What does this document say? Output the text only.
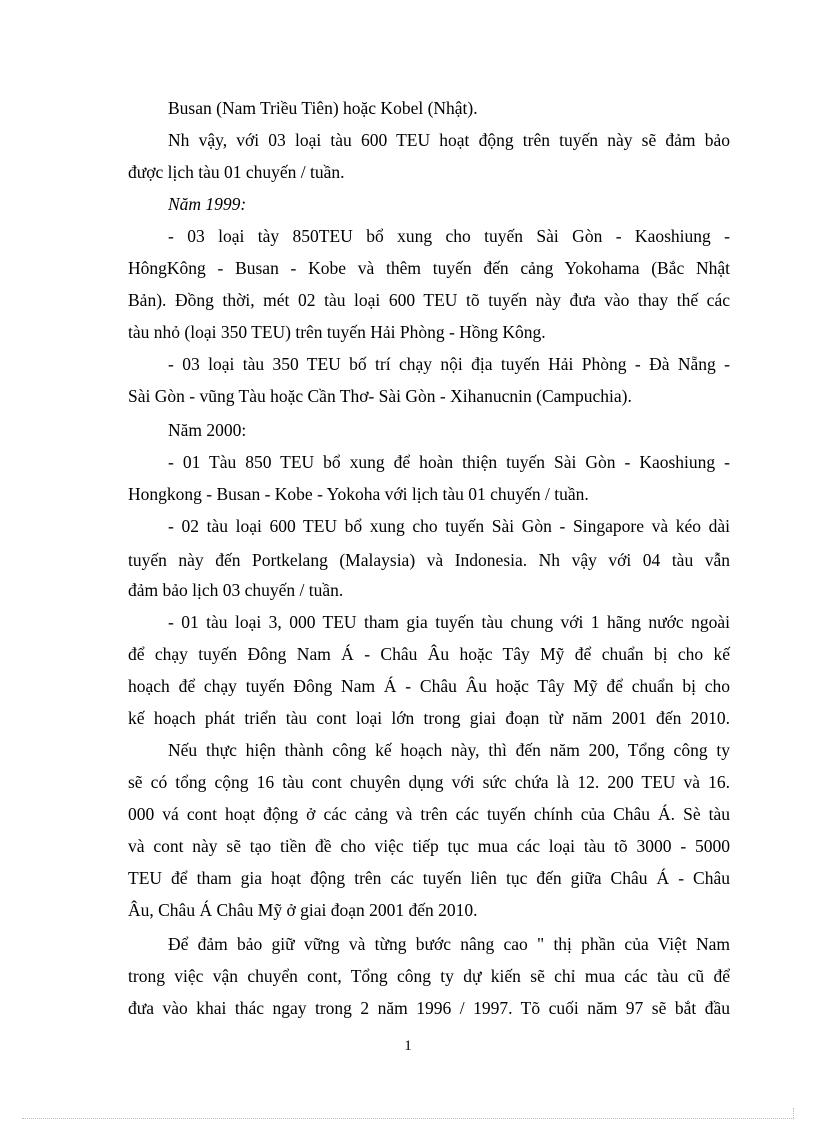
Busan (Nam Triều Tiên) hoặc Kobel (Nhật).
Nh vậy, với 03 loại tàu 600 TEU hoạt động trên tuyến này sẽ đảm bảo
được lịch tàu 01 chuyến / tuần.
Năm 1999:
- 03 loại tày 850TEU bổ xung cho tuyến Sài Gòn - Kaoshiung -
HôngKông - Busan - Kobe và thêm tuyến đến cảng Yokohama (Bắc Nhật
Bản). Đồng thời, mét 02 tàu loại 600 TEU tõ tuyến này đưa vào thay thế các
tàu nhỏ (loại 350 TEU) trên tuyến Hải Phòng - Hồng Kông.
- 03 loại tàu 350 TEU bố trí chạy nội địa tuyến Hải Phòng - Đà Nẵng -
Sài Gòn - vũng Tàu hoặc Cần Thơ- Sài Gòn - Xihanucnin (Campuchia).
Năm 2000:
- 01 Tàu 850 TEU bổ xung để hoàn thiện tuyến Sài Gòn - Kaoshiung -
Hongkong - Busan - Kobe - Yokoha với lịch tàu 01 chuyến / tuần.
- 02 tàu loại 600 TEU bổ xung cho tuyến Sài Gòn - Singapore và kéo dài
tuyến này đến Portkelang (Malaysia) và Indonesia. Nh vậy với 04 tàu vẫn
đảm bảo lịch 03 chuyến / tuần.
- 01 tàu loại 3, 000 TEU tham gia tuyến tàu chung với 1 hãng nước ngoài
để chạy tuyến Đông Nam Á - Châu Âu hoặc Tây Mỹ để chuẩn bị cho kế
hoạch để chạy tuyến Đông Nam Á - Châu Âu hoặc Tây Mỹ để chuẩn bị cho
kế hoạch phát triển tàu cont loại lớn trong giai đoạn từ năm 2001 đến 2010.
Nếu thực hiện thành công kế hoạch này, thì đến năm 200, Tổng công ty
sẽ có tổng cộng 16 tàu cont chuyên dụng với sức chứa là 12. 200 TEU và 16.
000 vá cont hoạt động ở các cảng và trên các tuyến chính của Châu Á. Sè tàu
và cont này sẽ tạo tiền đề cho việc tiếp tục mua các loại tàu tõ 3000 - 5000
TEU để tham gia hoạt động trên các tuyến liên tục đến giữa Châu Á - Châu
Âu, Châu Á Châu Mỹ ở giai đoạn 2001 đến 2010.
Để đảm bảo giữ vững và từng bước nâng cao " thị phần của Việt Nam
trong việc vận chuyển cont, Tổng công ty dự kiến sẽ chỉ mua các tàu cũ để
đưa vào khai thác ngay trong 2 năm 1996 / 1997. Tõ cuối năm 97 sẽ bắt đầu
1
